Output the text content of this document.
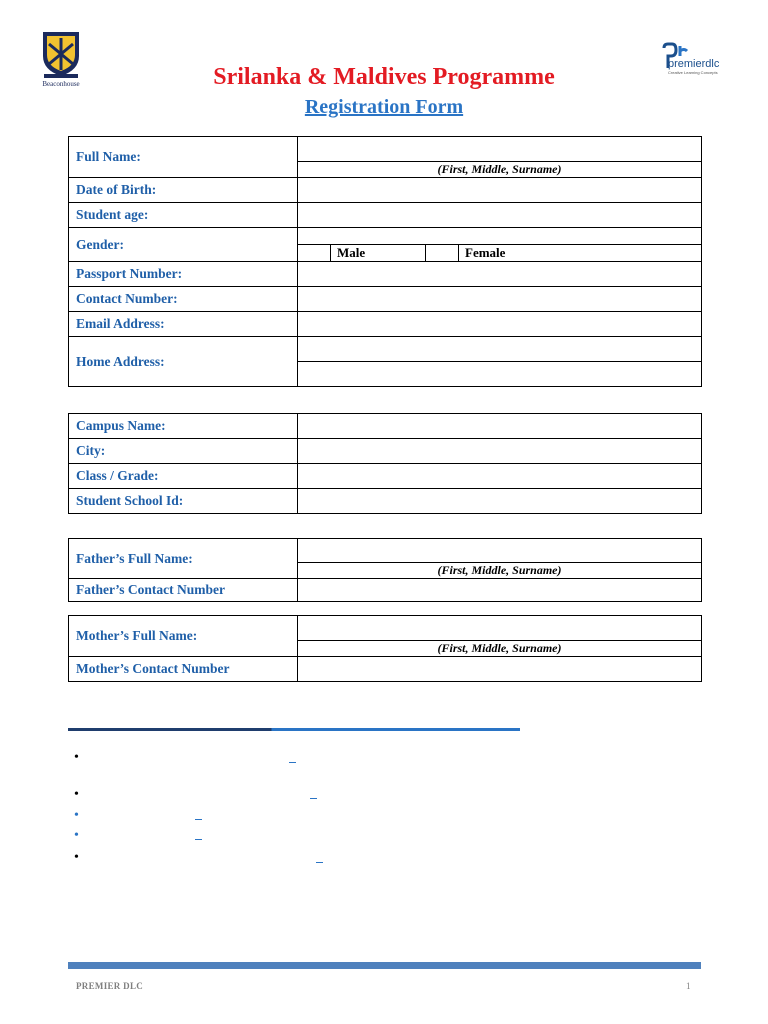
Beaconhouse
premierdlc
Creative Learning Concepts
Srilanka & Maldives Programme
Registration Form
Full Name:	(First, Middle, Surname)

Date of Birth:	
Student age:	
Gender:	Male Female

Passport Number:	
Contact Number:	
Email Address:	
Home Address:	
Campus Name:	
City:	
Class / Grade:	
Student School Id:	
Father’s Full Name:	(First, Middle, Surname)

Father’s Contact Number	
Mother’s Full Name:	(First, Middle, Surname)

Mother’s Contact Number	
•
•
•
•
•
PREMIER DLC	1
